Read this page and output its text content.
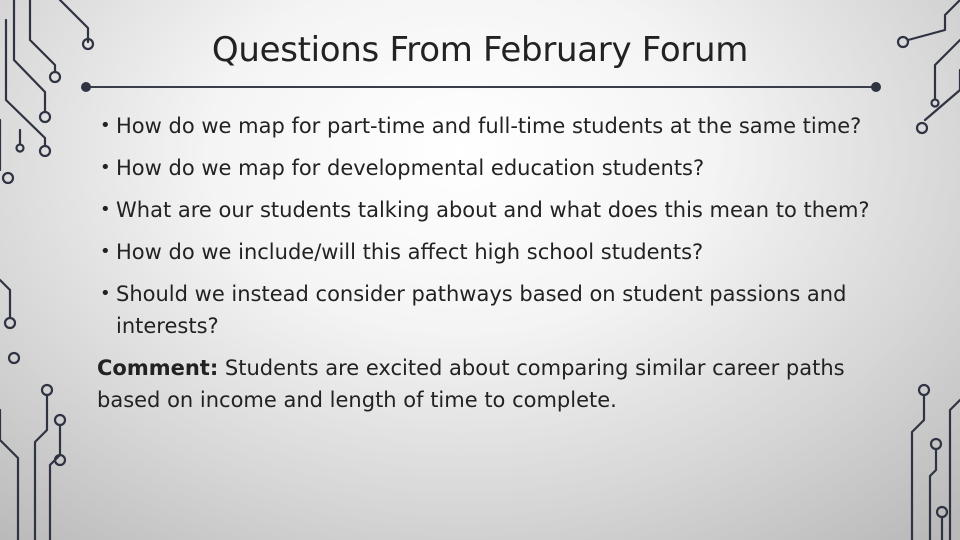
Questions From February Forum
• How do we map for part-time and full-time students at the same time?
• How do we map for developmental education students?
• What are our students talking about and what does this mean to them?
• How do we include/will this affect high school students?
• Should we instead consider pathways based on student passions and interests?
Comment: Students are excited about comparing similar career paths based on income and length of time to complete.
